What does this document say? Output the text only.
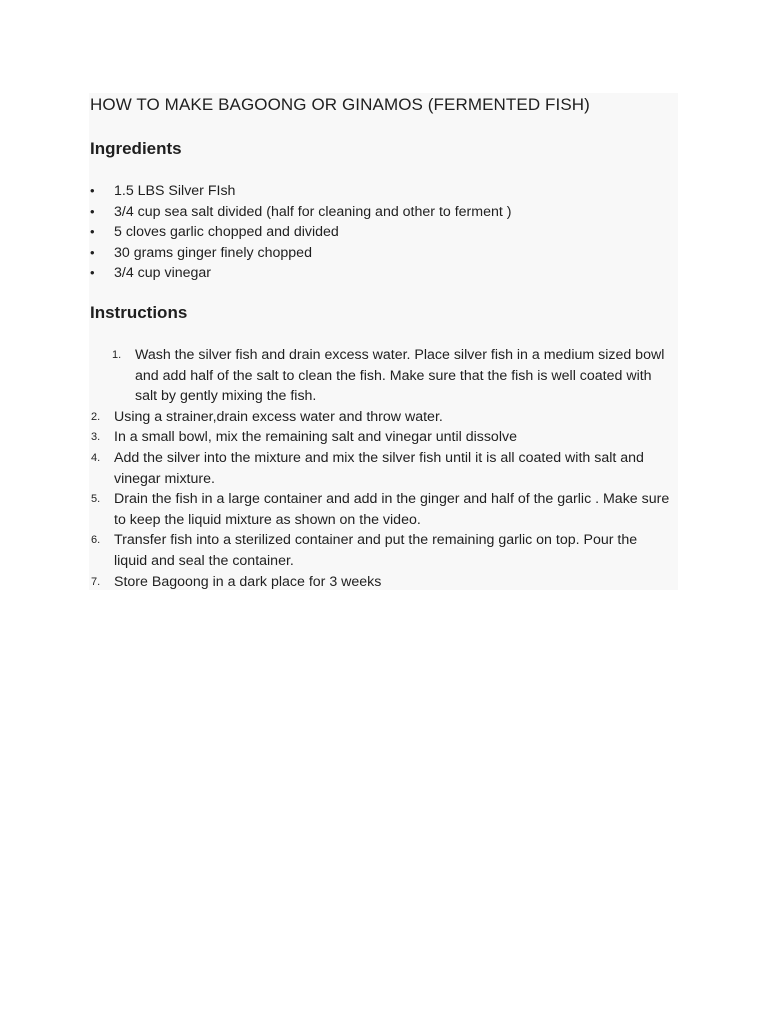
HOW TO MAKE BAGOONG OR GINAMOS (FERMENTED FISH)
Ingredients
• 1.5 LBS Silver FIsh
• 3/4 cup sea salt divided (half for cleaning and other to ferment )
• 5 cloves garlic chopped and divided
• 30 grams ginger finely chopped
• 3/4 cup vinegar
Instructions
1. Wash the silver fish and drain excess water. Place silver fish in a medium sized bowl and add half of the salt to clean the fish. Make sure that the fish is well coated with salt by gently mixing the fish.
2. Using a strainer,drain excess water and throw water.
3. In a small bowl, mix the remaining salt and vinegar until dissolve
4. Add the silver into the mixture and mix the silver fish until it is all coated with salt and vinegar mixture.
5. Drain the fish in a large container and add in the ginger and half of the garlic . Make sure to keep the liquid mixture as shown on the video.
6. Transfer fish into a sterilized container and put the remaining garlic on top. Pour the liquid and seal the container.
7. Store Bagoong in a dark place for 3 weeks
